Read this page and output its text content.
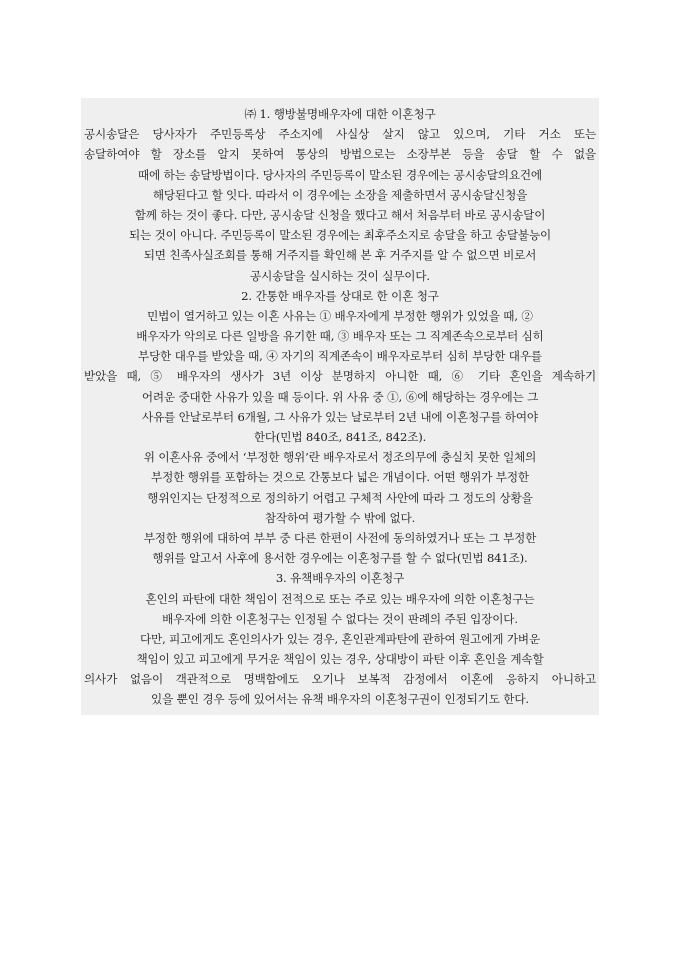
㈜ 1. 행방불명배우자에 대한 이혼청구
공시송달은 당사자가 주민등록상 주소지에 사실상 살지 않고 있으며, 기타 거소 또는
송달하여야 할 장소를 알지 못하여 통상의 방법으로는 소장부본 등을 송달 할 수 없을
때에 하는 송달방법이다. 당사자의 주민등록이 말소된 경우에는 공시송달의요건에
해당된다고 할 잇다. 따라서 이 경우에는 소장을 제출하면서 공시송달신청을
함께 하는 것이 좋다. 다만, 공시송달 신청을 했다고 해서 처음부터 바로 공시송달이
되는 것이 아니다. 주민등록이 말소된 경우에는 최후주소지로 송달을 하고 송달불능이
되면 친족사실조회를 통해 거주지를 확인해 본 후 거주지를 알 수 없으면 비로서
공시송달을 실시하는 것이 실무이다.
2. 간통한 배우자를 상대로 한 이혼 청구
민법이 열거하고 있는 이혼 사유는 ① 배우자에게 부정한 행위가 있었을 때, ②
배우자가 악의로 다른 일방을 유기한 때, ③ 배우자 또는 그 직계존속으로부터 심히
부당한 대우를 받았을 때, ④ 자기의 직계존속이 배우자로부터 심히 부당한 대우를
받았을 때, ⑤ 배우자의 생사가 3년 이상 분명하지 아니한 때, ⑥ 기타 혼인을 계속하기
어려운 중대한 사유가 있을 때 등이다. 위 사유 중 ①, ⑥에 해당하는 경우에는 그
사유를 안날로부터 6개월, 그 사유가 있는 날로부터 2년 내에 이혼청구를 하여야
한다(민법 840조, 841조, 842조).
위 이혼사유 중에서 ‘부정한 행위’란 배우자로서 정조의무에 충실치 못한 일체의
부정한 행위를 포함하는 것으로 간통보다 넓은 개념이다. 어떤 행위가 부정한
행위인지는 단정적으로 정의하기 어렵고 구체적 사안에 따라 그 정도의 상황을
참작하여 평가할 수 밖에 없다.
부정한 행위에 대하여 부부 중 다른 한편이 사전에 동의하였거나 또는 그 부정한
행위를 알고서 사후에 용서한 경우에는 이혼청구를 할 수 없다(민법 841조).
3. 유책배우자의 이혼청구
혼인의 파탄에 대한 책임이 전적으로 또는 주로 있는 배우자에 의한 이혼청구는
배우자에 의한 이혼청구는 인정될 수 없다는 것이 판례의 주된 입장이다.
다만, 피고에게도 혼인의사가 있는 경우, 혼인관계파탄에 관하여 원고에게 가벼운
책임이 있고 피고에게 무거운 책임이 있는 경우, 상대방이 파탄 이후 혼인을 계속할
의사가 없음이 객관적으로 명백함에도 오기나 보복적 감정에서 이혼에 응하지 아니하고
있을 뿐인 경우 등에 있어서는 유책 배우자의 이혼청구권이 인정되기도 한다.
